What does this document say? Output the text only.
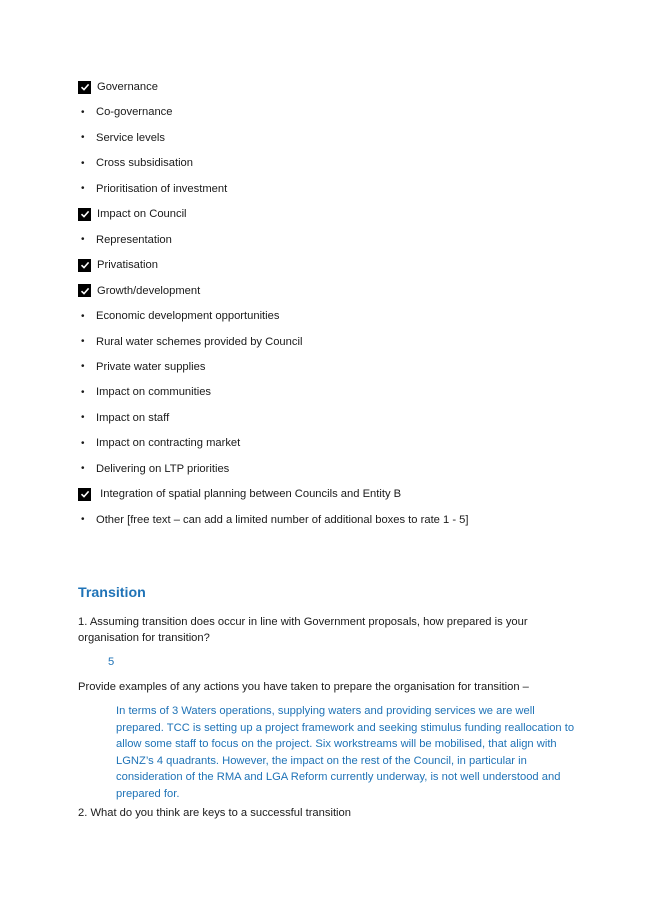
Governance
•	Co-governance
•	Service levels
•	Cross subsidisation
•	Prioritisation of investment
Impact on Council
•	Representation
Privatisation
Growth/development
•	Economic development opportunities
•	Rural water schemes provided by Council
•	Private water supplies
•	Impact on communities
•	Impact on staff
•	Impact on contracting market
•	Delivering on LTP priorities
Integration of spatial planning between Councils and Entity B
•	Other [free text – can add a limited number of additional boxes to rate 1 - 5]
Transition
1. Assuming transition does occur in line with Government proposals, how prepared is your
organisation for transition?
5
Provide examples of any actions you have taken to prepare the organisation for transition –
In terms of 3 Waters operations, supplying waters and providing services we are well
prepared. TCC is setting up a project framework and seeking stimulus funding reallocation to
allow some staff to focus on the project. Six workstreams will be mobilised, that align with
LGNZ’s 4 quadrants. However, the impact on the rest of the Council, in particular in
consideration of the RMA and LGA Reform currently underway, is not well understood and
prepared for.
2. What do you think are keys to a successful transition
